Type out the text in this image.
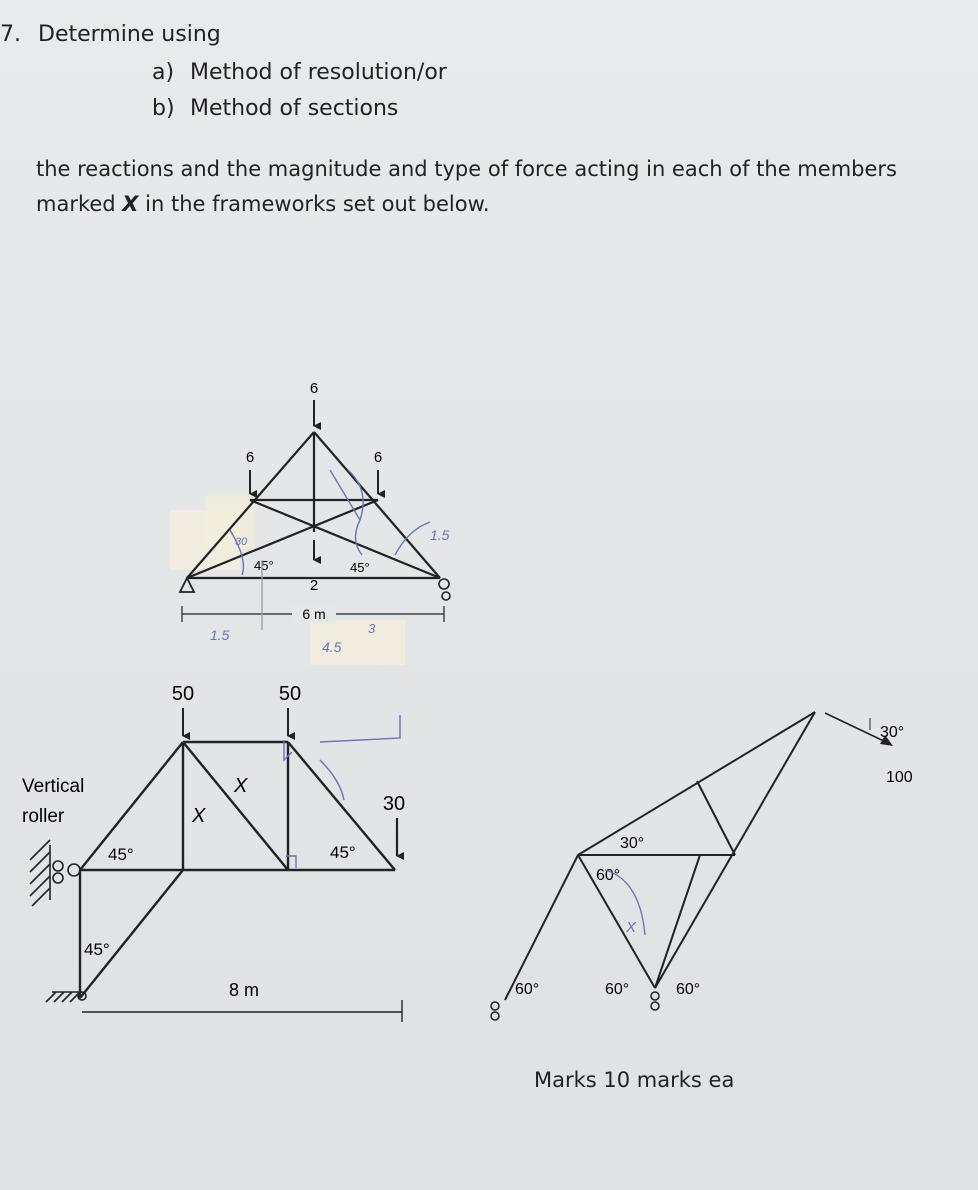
7. Determine using
a) Method of resolution/or
b) Method of sections
the reactions and the magnitude and type of force acting in each of the members marked X in the frameworks set out below.
6
6	6
2
45°	45°
6 m
30	1.5
4.5
1.5	3
50	50
30
Vertical
roller
45°	45°
45°
X
X
8 m
30°
100
30°
60°
60°	60°	60°
X
Marks 10 marks ea
